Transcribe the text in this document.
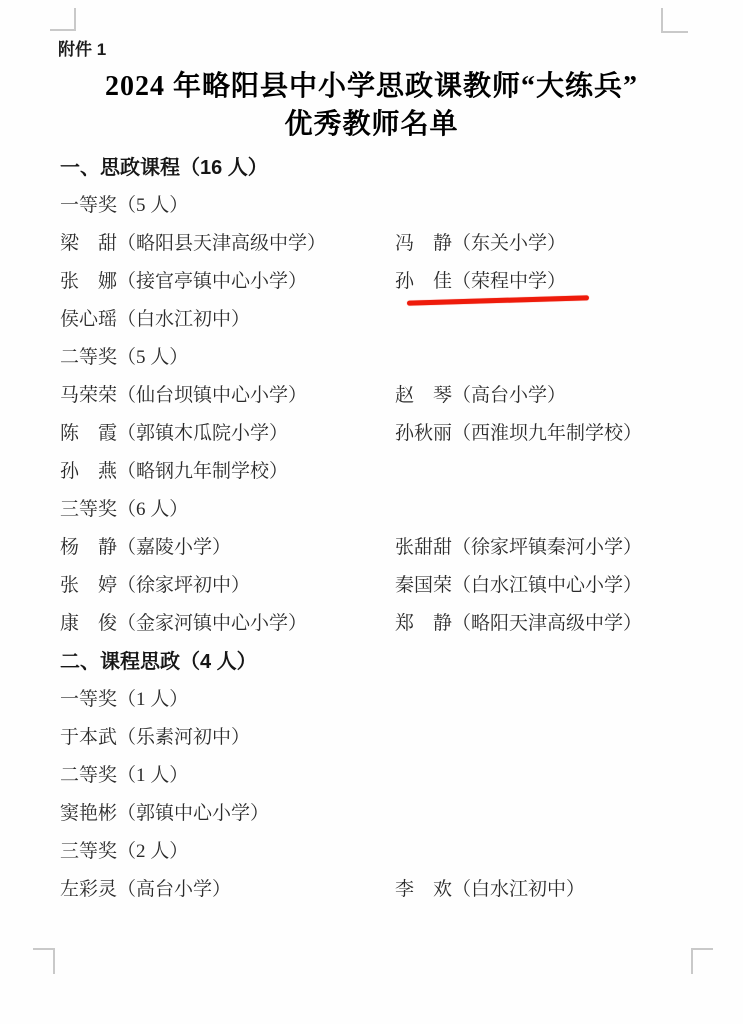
附件 1
2024 年略阳县中小学思政课教师“大练兵”
优秀教师名单
一、思政课程（16 人）
一等奖（5 人）
梁　甜（略阳县天津高级中学）	冯　静（东关小学）
张　娜（接官亭镇中心小学）	孙　佳（荣程中学）
侯心瑶（白水江初中）
二等奖（5 人）
马荣荣（仙台坝镇中心小学）	赵　琴（高台小学）
陈　霞（郭镇木瓜院小学）	孙秋丽（西淮坝九年制学校）
孙　燕（略钢九年制学校）
三等奖（6 人）
杨　静（嘉陵小学）	张甜甜（徐家坪镇秦河小学）
张　婷（徐家坪初中）	秦国荣（白水江镇中心小学）
康　俊（金家河镇中心小学）	郑　静（略阳天津高级中学）
二、课程思政（4 人）
一等奖（1 人）
于本武（乐素河初中）
二等奖（1 人）
窦艳彬（郭镇中心小学）
三等奖（2 人）
左彩灵（高台小学）	李　欢（白水江初中）
